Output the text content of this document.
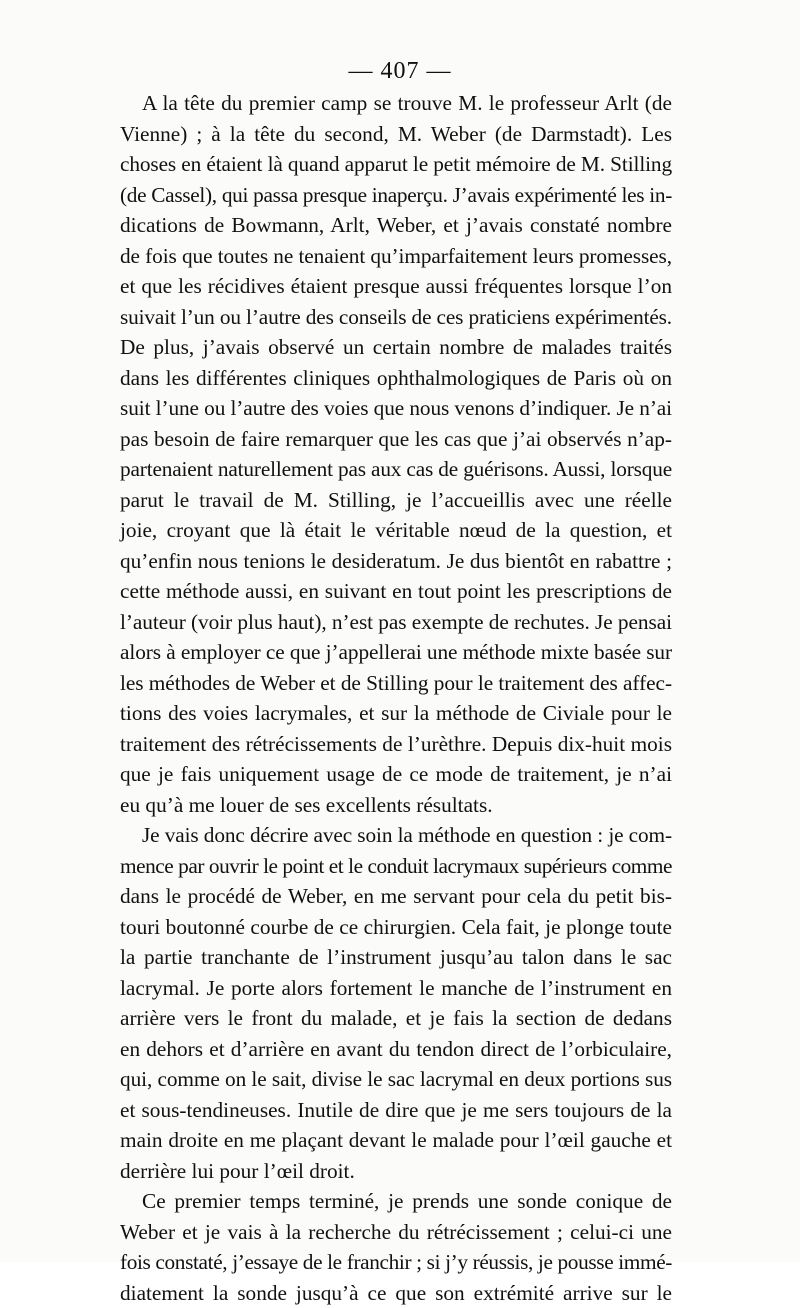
— 407 —
A la tête du premier camp se trouve M. le professeur Arlt (de
Vienne) ; à la tête du second, M. Weber (de Darmstadt). Les
choses en étaient là quand apparut le petit mémoire de M. Stilling
(de Cassel), qui passa presque inaperçu. J’avais expérimenté les in-
dications de Bowmann, Arlt, Weber, et j’avais constaté nombre
de fois que toutes ne tenaient qu’imparfaitement leurs promesses,
et que les récidives étaient presque aussi fréquentes lorsque l’on
suivait l’un ou l’autre des conseils de ces praticiens expérimentés.
De plus, j’avais observé un certain nombre de malades traités
dans les différentes cliniques ophthalmologiques de Paris où on
suit l’une ou l’autre des voies que nous venons d’indiquer. Je n’ai
pas besoin de faire remarquer que les cas que j’ai observés n’ap-
partenaient naturellement pas aux cas de guérisons. Aussi, lorsque
parut le travail de M. Stilling, je l’accueillis avec une réelle
joie, croyant que là était le véritable nœud de la question, et
qu’enfin nous tenions le desideratum. Je dus bientôt en rabattre ;
cette méthode aussi, en suivant en tout point les prescriptions de
l’auteur (voir plus haut), n’est pas exempte de rechutes. Je pensai
alors à employer ce que j’appellerai une méthode mixte basée sur
les méthodes de Weber et de Stilling pour le traitement des affec-
tions des voies lacrymales, et sur la méthode de Civiale pour le
traitement des rétrécissements de l’urèthre. Depuis dix-huit mois
que je fais uniquement usage de ce mode de traitement, je n’ai
eu qu’à me louer de ses excellents résultats.
Je vais donc décrire avec soin la méthode en question : je com-
mence par ouvrir le point et le conduit lacrymaux supérieurs comme
dans le procédé de Weber, en me servant pour cela du petit bis-
touri boutonné courbe de ce chirurgien. Cela fait, je plonge toute
la partie tranchante de l’instrument jusqu’au talon dans le sac
lacrymal. Je porte alors fortement le manche de l’instrument en
arrière vers le front du malade, et je fais la section de dedans
en dehors et d’arrière en avant du tendon direct de l’orbiculaire,
qui, comme on le sait, divise le sac lacrymal en deux portions sus
et sous-tendineuses. Inutile de dire que je me sers toujours de la
main droite en me plaçant devant le malade pour l’œil gauche et
derrière lui pour l’œil droit.
Ce premier temps terminé, je prends une sonde conique de
Weber et je vais à la recherche du rétrécissement ; celui-ci une
fois constaté, j’essaye de le franchir ; si j’y réussis, je pousse immé-
diatement la sonde jusqu’à ce que son extrémité arrive sur le
